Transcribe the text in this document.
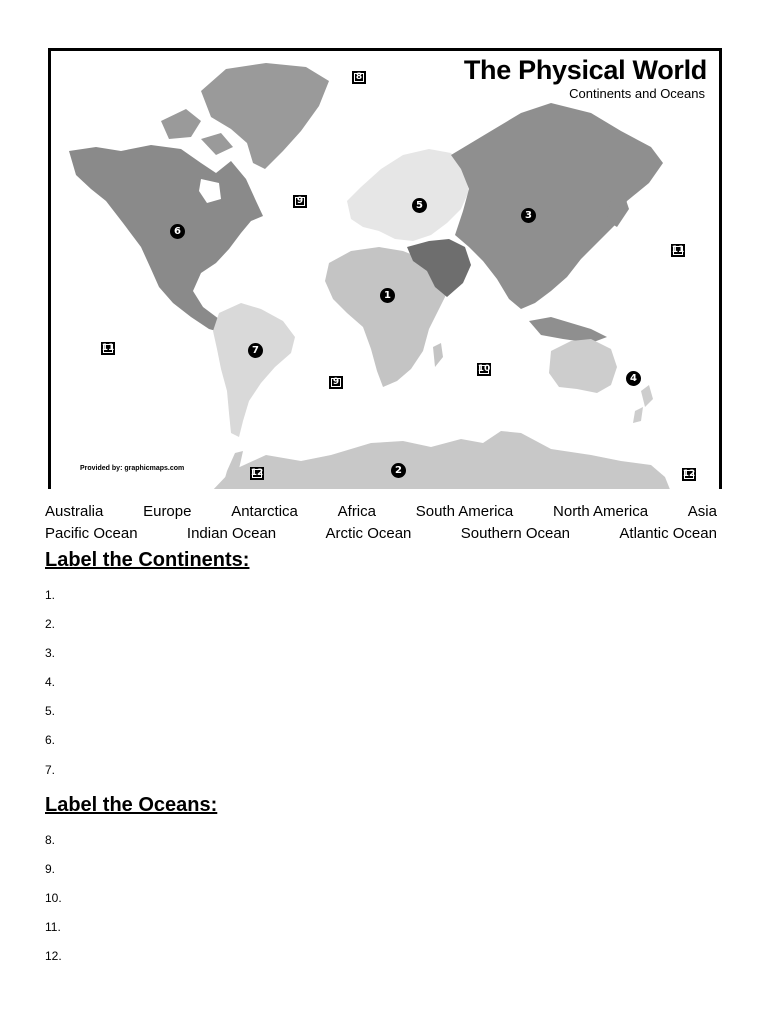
The Physical World
Continents and Oceans
Provided by: graphicmaps.com
1
2
3
4
5
6
7
8
9
9
10
11
11
12	12
Australia	Europe	Antarctica	Africa	South America	North America	Asia
Pacific Ocean	Indian Ocean	Arctic Ocean	Southern Ocean	Atlantic Ocean
Label the Continents:
1.
2.
3.
4.
5.
6.
7.
Label the Oceans:
8.
9.
10.
11.
12.
